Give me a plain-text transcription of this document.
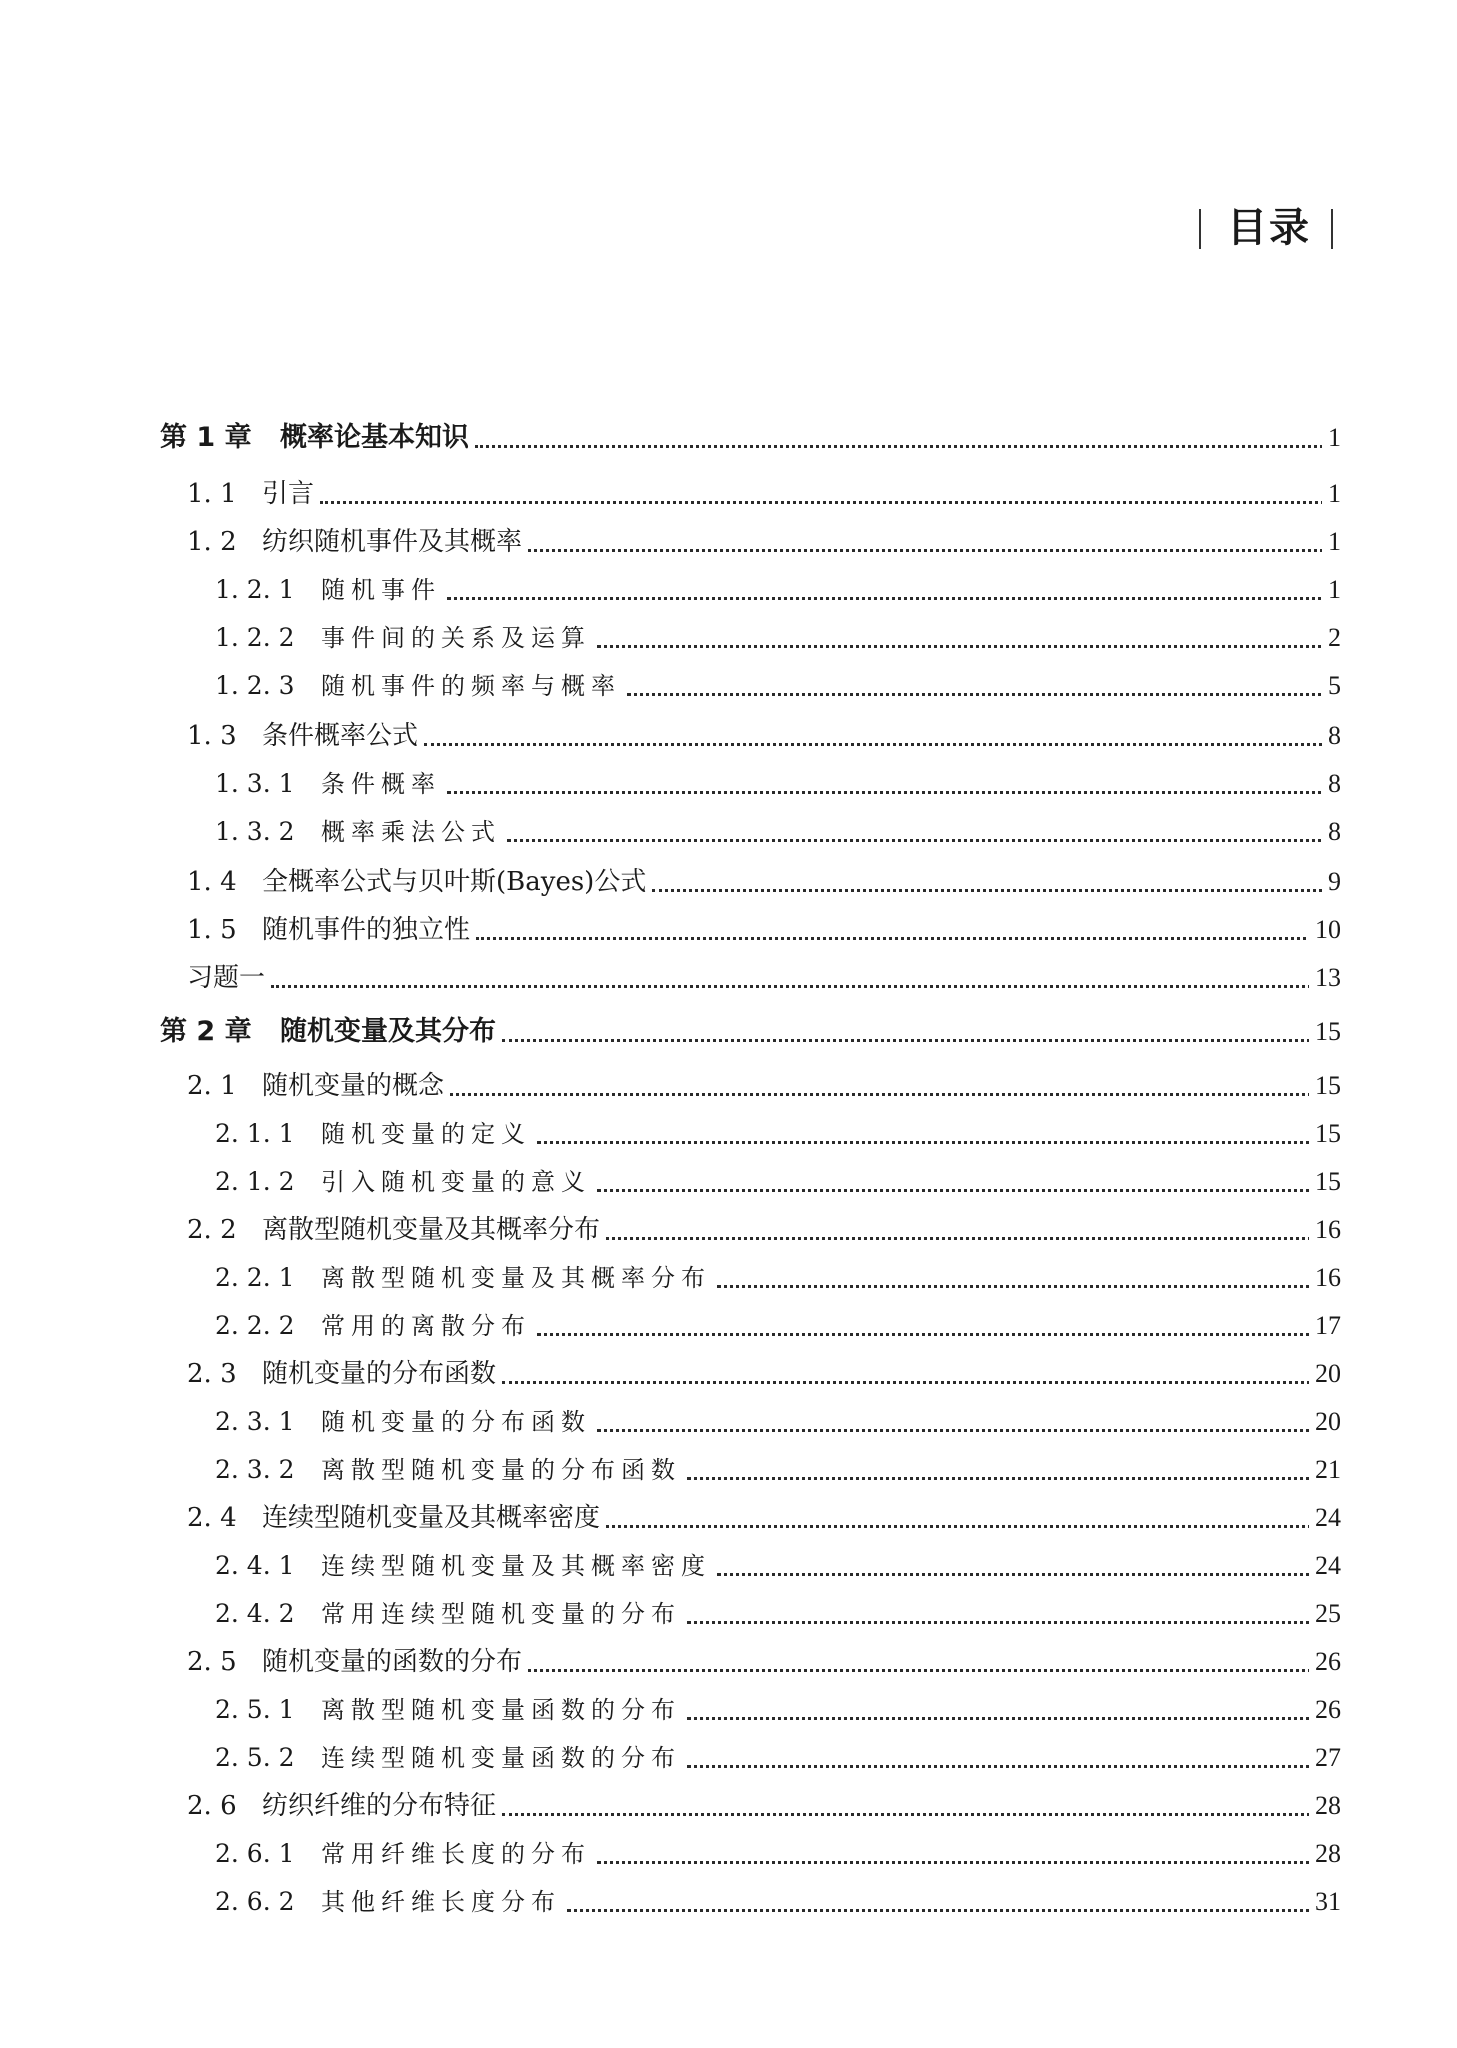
目录
第 1 章 概率论基本知识	1
1. 1 引言	1
1. 2 纺织随机事件及其概率	1
1. 2. 1 随机事件	1
1. 2. 2 事件间的关系及运算	2
1. 2. 3 随机事件的频率与概率	5
1. 3 条件概率公式	8
1. 3. 1 条件概率	8
1. 3. 2 概率乘法公式	8
1. 4 全概率公式与贝叶斯(Bayes)公式	9
1. 5 随机事件的独立性	10
习题一	13
第 2 章 随机变量及其分布	15
2. 1 随机变量的概念	15
2. 1. 1 随机变量的定义	15
2. 1. 2 引入随机变量的意义	15
2. 2 离散型随机变量及其概率分布	16
2. 2. 1 离散型随机变量及其概率分布	16
2. 2. 2 常用的离散分布	17
2. 3 随机变量的分布函数	20
2. 3. 1 随机变量的分布函数	20
2. 3. 2 离散型随机变量的分布函数	21
2. 4 连续型随机变量及其概率密度	24
2. 4. 1 连续型随机变量及其概率密度	24
2. 4. 2 常用连续型随机变量的分布	25
2. 5 随机变量的函数的分布	26
2. 5. 1 离散型随机变量函数的分布	26
2. 5. 2 连续型随机变量函数的分布	27
2. 6 纺织纤维的分布特征	28
2. 6. 1 常用纤维长度的分布	28
2. 6. 2 其他纤维长度分布	31
